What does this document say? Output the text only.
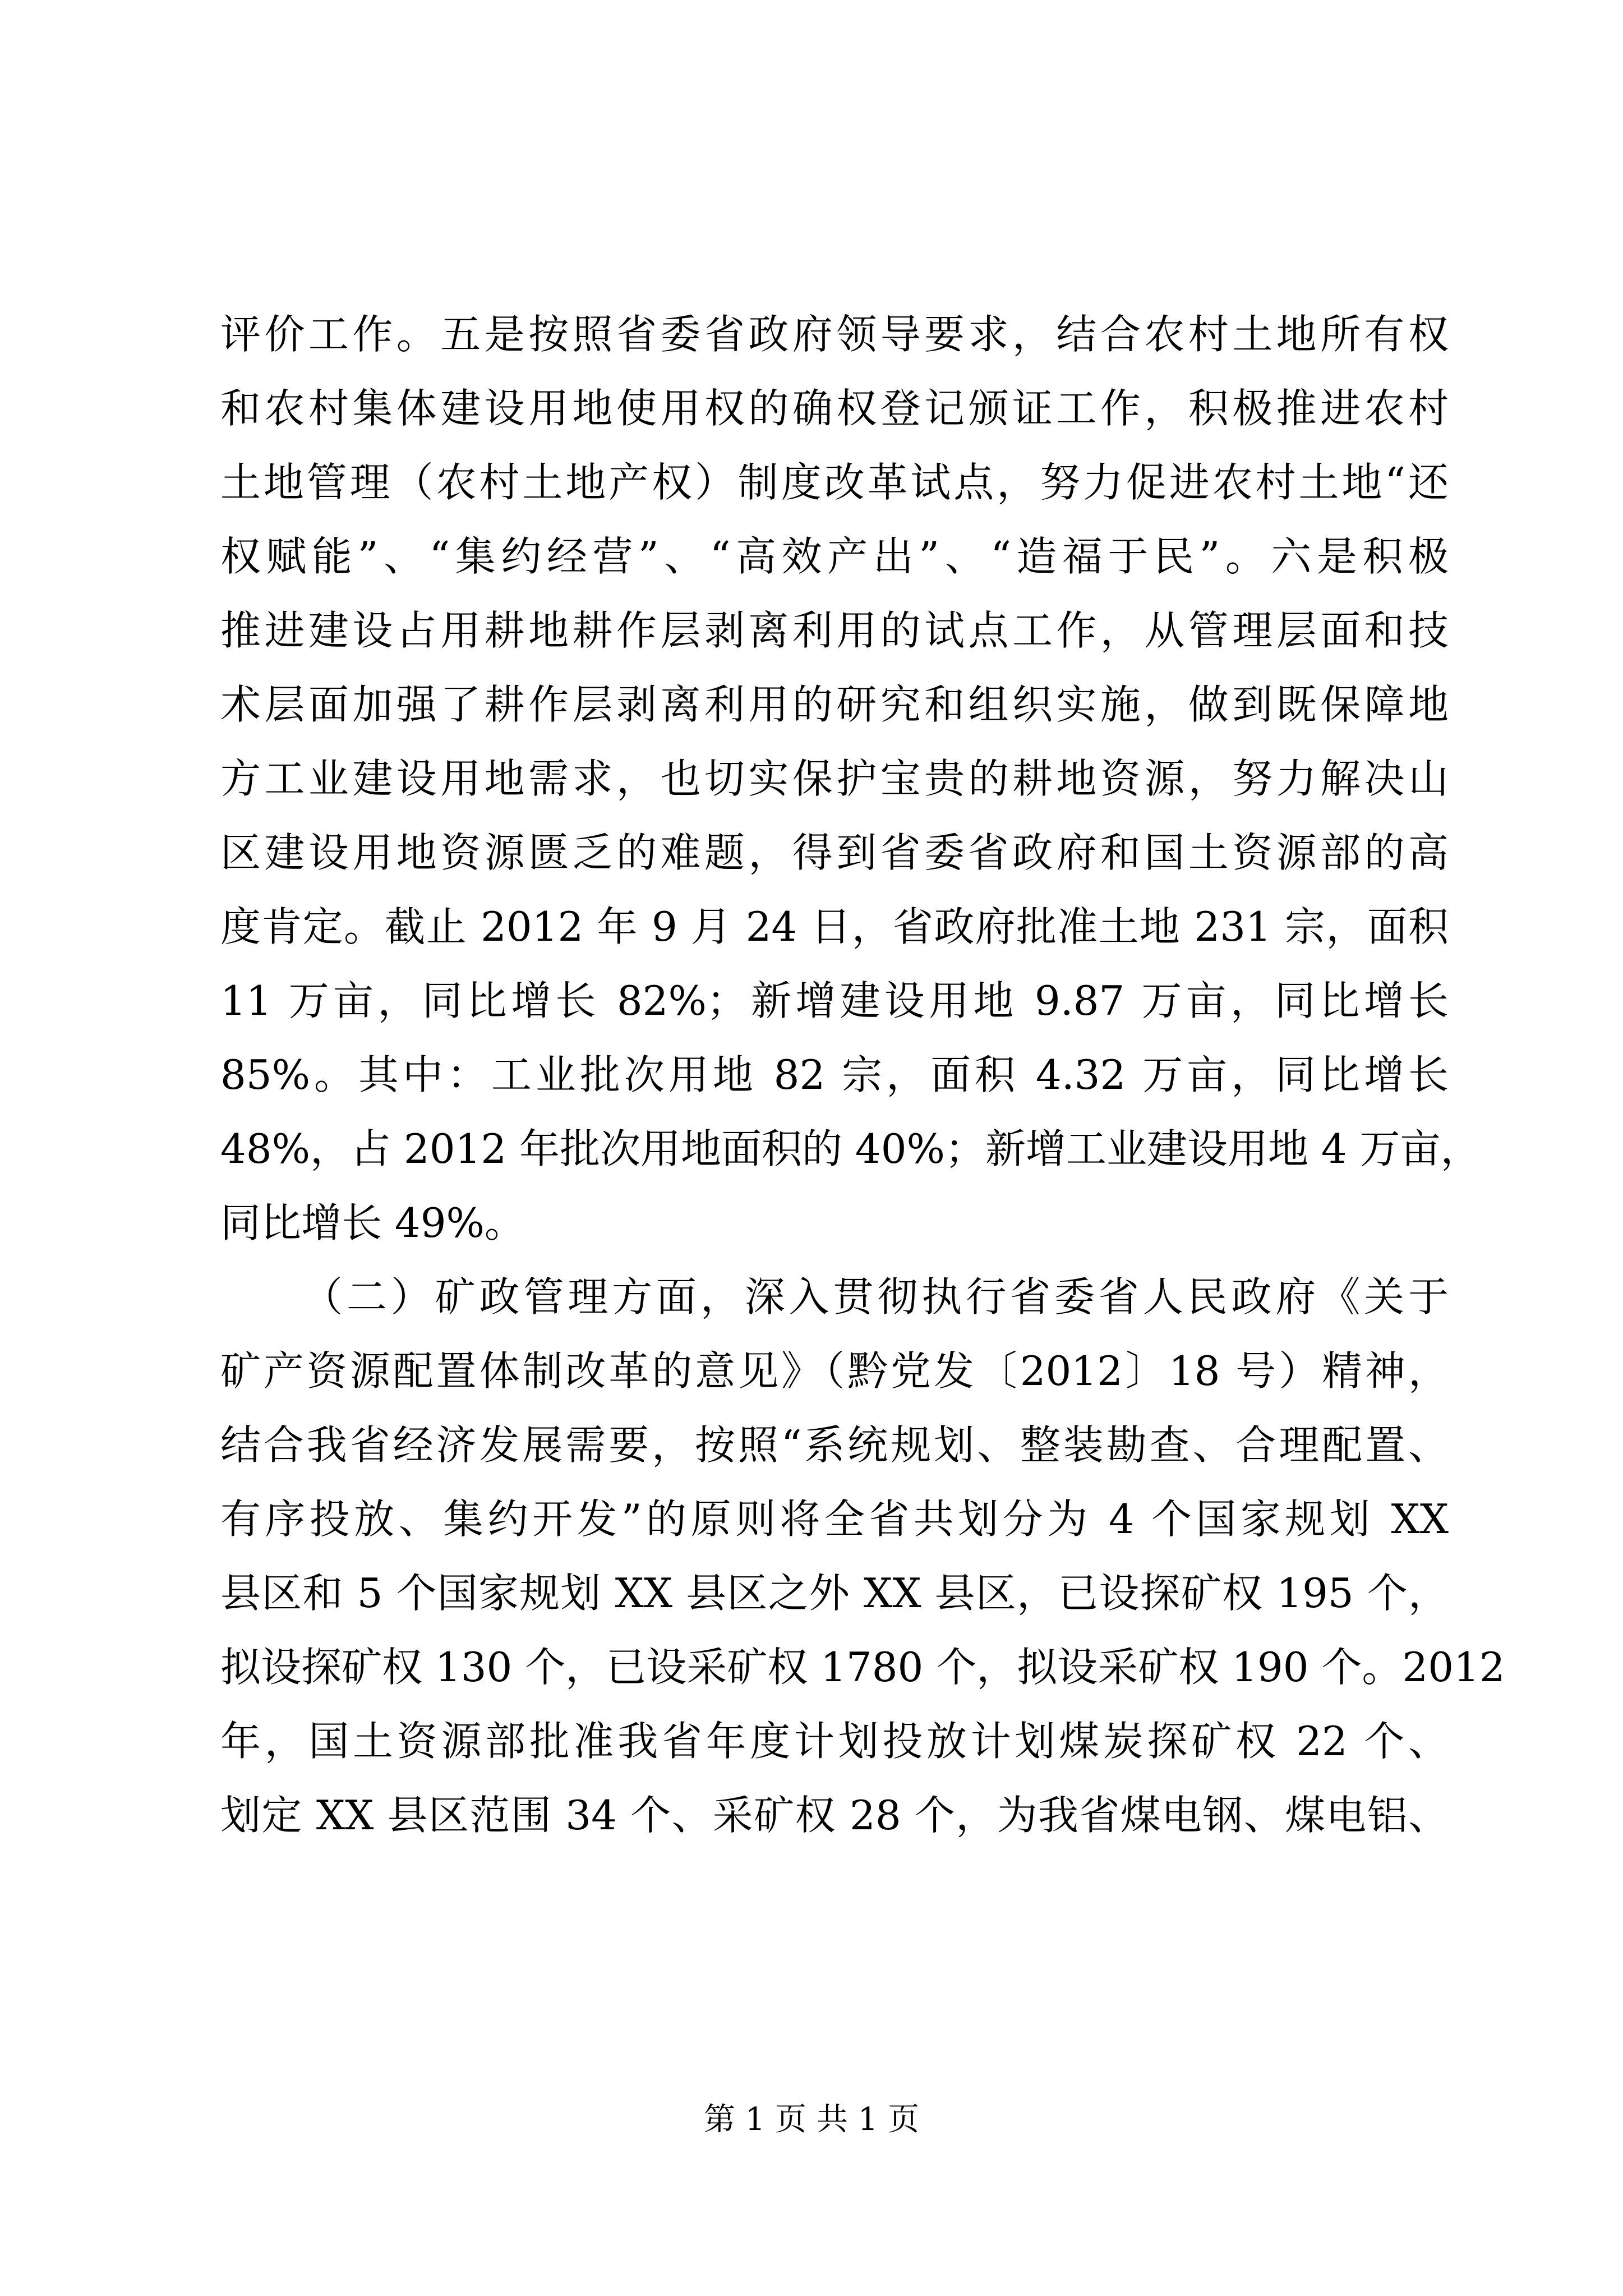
评价工作。五是按照省委省政府领导要求，结合农村土地所有权
和农村集体建设用地使用权的确权登记颁证工作，积极推进农村
土地管理（农村土地产权）制度改革试点，努力促进农村土地“还
权赋能”、“集约经营”、“高效产出”、“造福于民”。六是积极
推进建设占用耕地耕作层剥离利用的试点工作，从管理层面和技
术层面加强了耕作层剥离利用的研究和组织实施，做到既保障地
方工业建设用地需求，也切实保护宝贵的耕地资源，努力解决山
区建设用地资源匮乏的难题，得到省委省政府和国土资源部的高
度肯定。截止 2012 年 9 月 24 日，省政府批准土地 231 宗，面积
11 万亩，同比增长 82%；新增建设用地 9.87 万亩，同比增长
85%。其中：工业批次用地 82 宗，面积 4.32 万亩，同比增长
48%，占 2012 年批次用地面积的 40%；新增工业建设用地 4 万亩，
同比增长 49%。
（二）矿政管理方面，深入贯彻执行省委省人民政府《关于
矿产资源配置体制改革的意见》（黔党发〔2012〕18 号）精神，
结合我省经济发展需要，按照“系统规划、整装勘查、合理配置、
有序投放、集约开发”的原则将全省共划分为 4 个国家规划 XX
县区和 5 个国家规划 XX 县区之外 XX 县区，已设探矿权 195 个，
拟设探矿权 130 个，已设采矿权 1780 个，拟设采矿权 190 个。2012
年，国土资源部批准我省年度计划投放计划煤炭探矿权 22 个、
划定 XX 县区范围 34 个、采矿权 28 个，为我省煤电钢、煤电铝、
第 1 页 共 1 页
